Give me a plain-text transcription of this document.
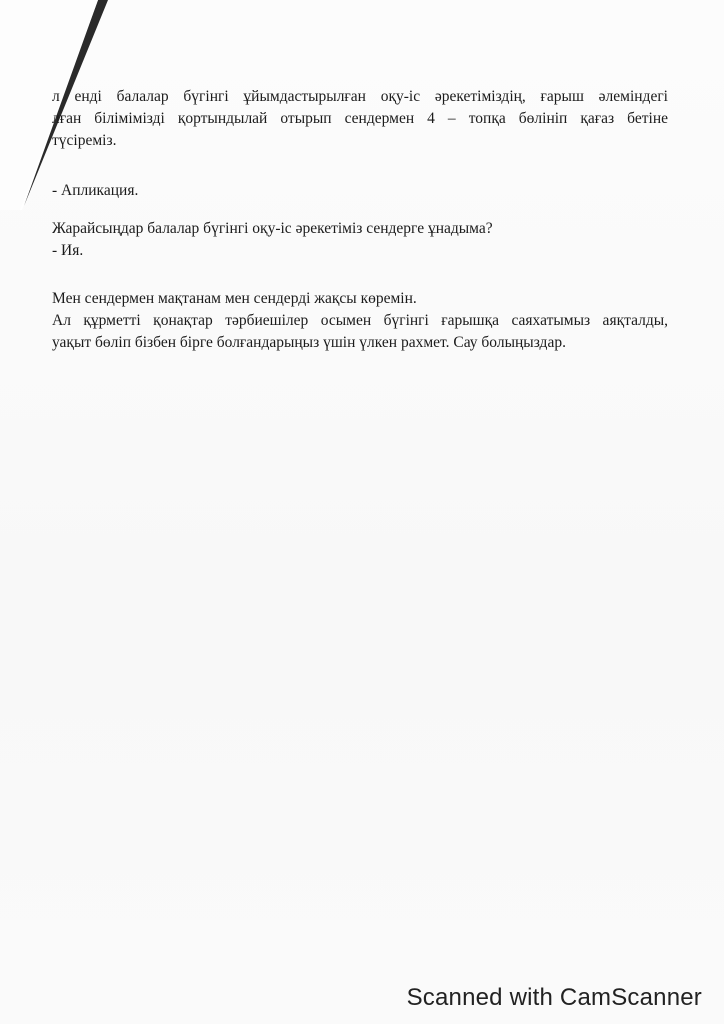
л енді балалар бүгінгі ұйымдастырылған оқу-іс әрекетіміздің, ғарыш әлеміндегі
лған білімімізді қортындылай отырып сендермен 4 – топқа бөлініп қағаз бетіне
түсіреміз.
- Апликация.
Жарайсыңдар балалар бүгінгі оқу-іс әрекетіміз сендерге ұнадыма?
- Ия.
Мен сендермен мақтанам мен сендерді жақсы көремін.
Ал құрметті қонақтар тәрбиешілер осымен бүгінгі ғарышқа саяхатымыз аяқталды,
уақыт бөліп бізбен бірге болғандарыңыз үшін үлкен рахмет. Сау болыңыздар.
Scanned with CamScanner
